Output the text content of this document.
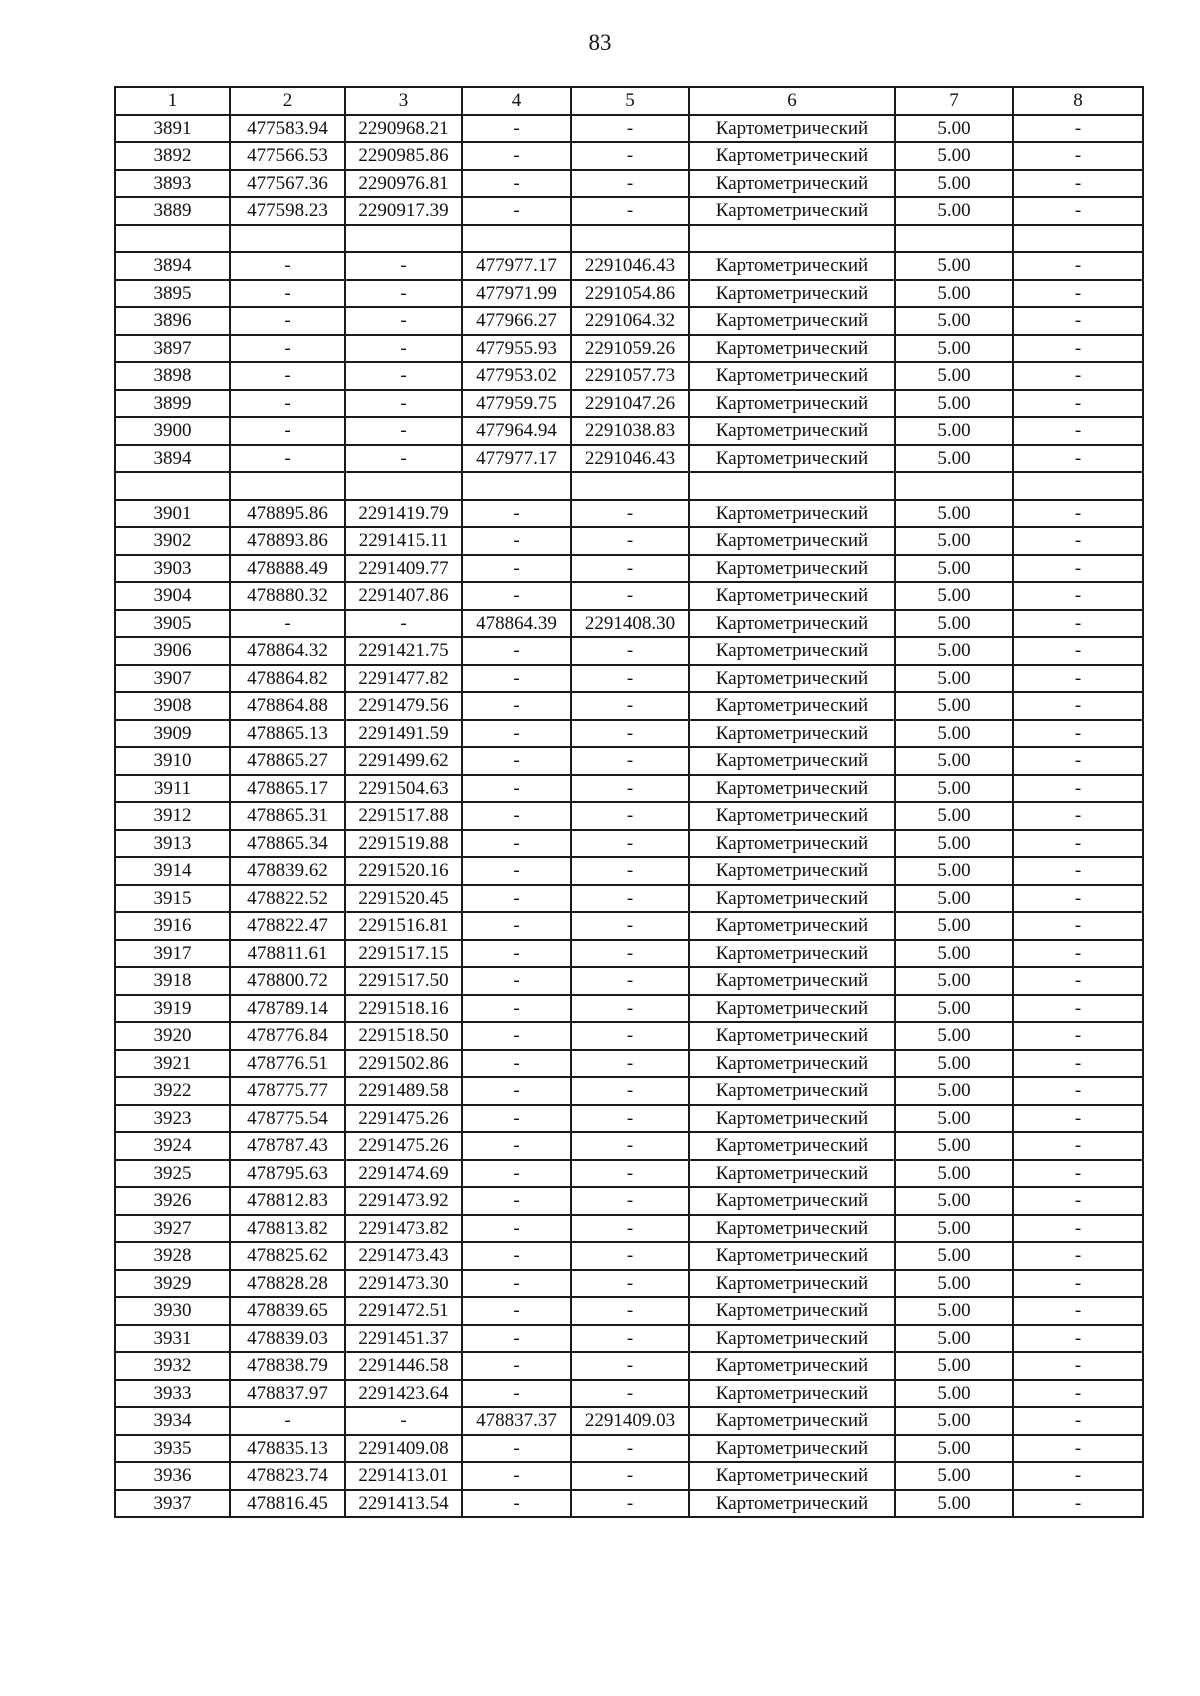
83
1	2	3	4	5	6	7	8
3891	477583.94	2290968.21	-	-	Картометрический	5.00	-
3892	477566.53	2290985.86	-	-	Картометрический	5.00	-
3893	477567.36	2290976.81	-	-	Картометрический	5.00	-
3889	477598.23	2290917.39	-	-	Картометрический	5.00	-

3894	-	-	477977.17	2291046.43	Картометрический	5.00	-
3895	-	-	477971.99	2291054.86	Картометрический	5.00	-
3896	-	-	477966.27	2291064.32	Картометрический	5.00	-
3897	-	-	477955.93	2291059.26	Картометрический	5.00	-
3898	-	-	477953.02	2291057.73	Картометрический	5.00	-
3899	-	-	477959.75	2291047.26	Картометрический	5.00	-
3900	-	-	477964.94	2291038.83	Картометрический	5.00	-
3894	-	-	477977.17	2291046.43	Картометрический	5.00	-

3901	478895.86	2291419.79	-	-	Картометрический	5.00	-
3902	478893.86	2291415.11	-	-	Картометрический	5.00	-
3903	478888.49	2291409.77	-	-	Картометрический	5.00	-
3904	478880.32	2291407.86	-	-	Картометрический	5.00	-
3905	-	-	478864.39	2291408.30	Картометрический	5.00	-
3906	478864.32	2291421.75	-	-	Картометрический	5.00	-
3907	478864.82	2291477.82	-	-	Картометрический	5.00	-
3908	478864.88	2291479.56	-	-	Картометрический	5.00	-
3909	478865.13	2291491.59	-	-	Картометрический	5.00	-
3910	478865.27	2291499.62	-	-	Картометрический	5.00	-
3911	478865.17	2291504.63	-	-	Картометрический	5.00	-
3912	478865.31	2291517.88	-	-	Картометрический	5.00	-
3913	478865.34	2291519.88	-	-	Картометрический	5.00	-
3914	478839.62	2291520.16	-	-	Картометрический	5.00	-
3915	478822.52	2291520.45	-	-	Картометрический	5.00	-
3916	478822.47	2291516.81	-	-	Картометрический	5.00	-
3917	478811.61	2291517.15	-	-	Картометрический	5.00	-
3918	478800.72	2291517.50	-	-	Картометрический	5.00	-
3919	478789.14	2291518.16	-	-	Картометрический	5.00	-
3920	478776.84	2291518.50	-	-	Картометрический	5.00	-
3921	478776.51	2291502.86	-	-	Картометрический	5.00	-
3922	478775.77	2291489.58	-	-	Картометрический	5.00	-
3923	478775.54	2291475.26	-	-	Картометрический	5.00	-
3924	478787.43	2291475.26	-	-	Картометрический	5.00	-
3925	478795.63	2291474.69	-	-	Картометрический	5.00	-
3926	478812.83	2291473.92	-	-	Картометрический	5.00	-
3927	478813.82	2291473.82	-	-	Картометрический	5.00	-
3928	478825.62	2291473.43	-	-	Картометрический	5.00	-
3929	478828.28	2291473.30	-	-	Картометрический	5.00	-
3930	478839.65	2291472.51	-	-	Картометрический	5.00	-
3931	478839.03	2291451.37	-	-	Картометрический	5.00	-
3932	478838.79	2291446.58	-	-	Картометрический	5.00	-
3933	478837.97	2291423.64	-	-	Картометрический	5.00	-
3934	-	-	478837.37	2291409.03	Картометрический	5.00	-
3935	478835.13	2291409.08	-	-	Картометрический	5.00	-
3936	478823.74	2291413.01	-	-	Картометрический	5.00	-
3937	478816.45	2291413.54	-	-	Картометрический	5.00	-
